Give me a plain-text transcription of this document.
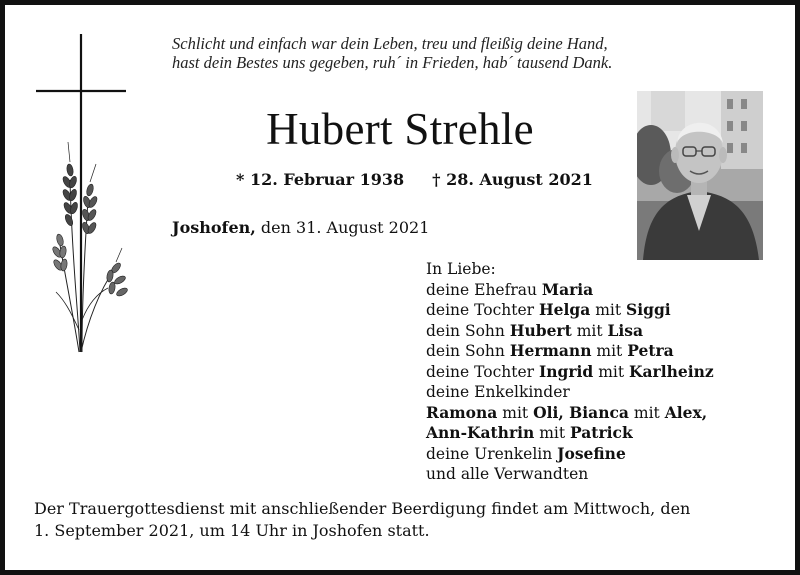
Schlicht und einfach war dein Leben, treu und fleißig deine Hand,
hast dein Bestes uns gegeben, ruh´ in Frieden, hab´ tausend Dank.
Hubert Strehle
* 12. Februar 1938 † 28. August 2021
Joshofen, den 31. August 2021
In Liebe:
deine Ehefrau Maria
deine Tochter Helga mit Siggi
dein Sohn Hubert mit Lisa
dein Sohn Hermann mit Petra
deine Tochter Ingrid mit Karlheinz
deine Enkelkinder
Ramona mit Oli, Bianca mit Alex,
Ann-Kathrin mit Patrick
deine Urenkelin Josefine
und alle Verwandten
Der Trauergottesdienst mit anschließender Beerdigung findet am Mittwoch, den
1. September 2021, um 14 Uhr in Joshofen statt.
